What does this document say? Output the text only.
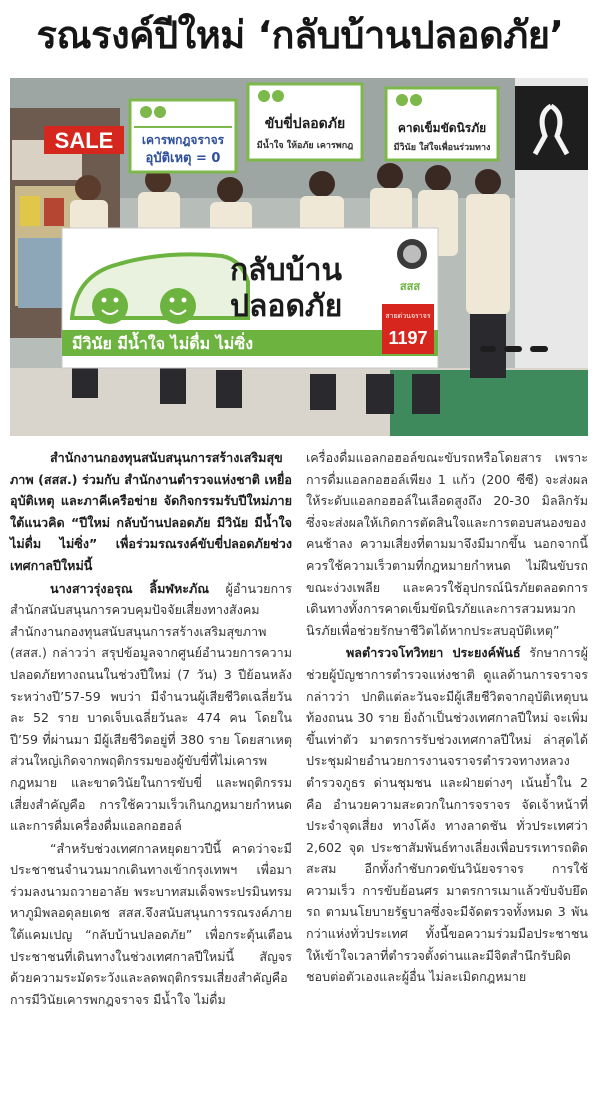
รณรงค์ปีใหม่ ‘กลับบ้านปลอดภัย’
SALE เคารพกฎจราจร
อุบัติเหตุ = 0
ขับขี่ปลอดภัย
มีน้ำใจ ให้อภัย เคารพกฎ
คาดเข็มขัดนิรภัย
มีวินัย ใส่ใจเพื่อนร่วมทาง
กลับบ้าน
ปลอดภัย
สสส
มีวินัย มีน้ำใจ ไม่ดื่ม ไม่ซิ่ง
สายด่วนจราจร
1197

สำนักงานกองทุนสนับสนุนการสร้างเสริมสุขภาพ (สสส.) ร่วมกับ สำนักงานตำรวจแห่งชาติ เหยื่ออุบัติเหตุ และภาคีเครือข่าย จัดกิจกรรมรับปีใหม่ภายใต้แนวคิด “ปีใหม่ กลับบ้านปลอดภัย มีวินัย มีน้ำใจ ไม่ดื่ม ไม่ซิ่ง” เพื่อร่วมรณรงค์ขับขี่ปลอดภัยช่วงเทศกาลปีใหม่นี้

นางสาวรุ่งอรุณ ลิ้มฬหะภัณ ผู้อำนวยการสำนักสนับสนุนการควบคุมปัจจัยเสี่ยงทางสังคม สำนักงานกองทุนสนับสนุนการสร้างเสริมสุขภาพ (สสส.) กล่าวว่า สรุปข้อมูลจากศูนย์อำนวยการความปลอดภัยทางถนนในช่วงปีใหม่ (7 วัน) 3 ปีย้อนหลังระหว่างปี’57-59 พบว่า มีจำนวนผู้เสียชีวิตเฉลี่ยวันละ 52 ราย บาดเจ็บเฉลี่ยวันละ 474 คน โดยในปี’59 ที่ผ่านมา มีผู้เสียชีวิตอยู่ที่ 380 ราย โดยสาเหตุส่วนใหญ่เกิดจากพฤติกรรมของผู้ขับขี่ที่ไม่เคารพกฎหมาย และขาดวินัยในการขับขี่ และพฤติกรรมเสี่ยงสำคัญคือ การใช้ความเร็วเกินกฎหมายกำหนดและการดื่มเครื่องดื่มแอลกอฮอล์

“สำหรับช่วงเทศกาลหยุดยาวปีนี้ คาดว่าจะมีประชาชนจำนวนมากเดินทางเข้ากรุงเทพฯ เพื่อมาร่วมลงนามถวายอาลัย พระบาทสมเด็จพระปรมินทรมหาภูมิพลอดุลยเดช สสส.จึงสนับสนุนการรณรงค์ภายใต้แคมเปญ “กลับบ้านปลอดภัย” เพื่อกระตุ้นเตือนประชาชนที่เดินทางในช่วงเทศกาลปีใหม่นี้ สัญจรด้วยความระมัดระวังและลดพฤติกรรมเสี่ยงสำคัญคือ การมีวินัยเคารพกฎจราจร มีน้ำใจ ไม่ดื่ม

เครื่องดื่มแอลกอฮอล์ขณะขับรถหรือโดยสาร เพราะการดื่มแอลกอฮอล์เพียง 1 แก้ว (200 ซีซี) จะส่งผลให้ระดับแอลกอฮอล์ในเลือดสูงถึง 20-30 มิลลิกรัม ซึ่งจะส่งผลให้เกิดการตัดสินใจและการตอบสนองของคนช้าลง ความเสี่ยงที่ตามมาจึงมีมากขึ้น นอกจากนี้ควรใช้ความเร็วตามที่กฎหมายกำหนด ไม่ฝืนขับรถขณะง่วงเพลีย และควรใช้อุปกรณ์นิรภัยตลอดการเดินทางทั้งการคาดเข็มขัดนิรภัยและการสวมหมวกนิรภัยเพื่อช่วยรักษาชีวิตได้หากประสบอุบัติเหตุ”

พลตำรวจโทวิทยา ประยงค์พันธ์ รักษาการผู้ช่วยผู้บัญชาการตำรวจแห่งชาติ ดูแลด้านการจราจร กล่าวว่า ปกติแต่ละวันจะมีผู้เสียชีวิตจากอุบัติเหตุบนท้องถนน 30 ราย ยิ่งถ้าเป็นช่วงเทศกาลปีใหม่ จะเพิ่มขึ้นเท่าตัว มาตรการรับช่วงเทศกาลปีใหม่ ล่าสุดได้ประชุมฝ่ายอำนวยการงานจราจรตำรวจทางหลวง ตำรวจภูธร ด่านชุมชน และฝ่ายต่างๆ เน้นย้ำใน 2 คือ อำนวยความสะดวกในการจราจร จัดเจ้าหน้าที่ประจำจุดเสี่ยง ทางโค้ง ทางลาดชัน ทั่วประเทศว่า 2,602 จุด ประชาสัมพันธ์ทางเลี่ยงเพื่อบรรเทารถติดสะสม อีกทั้งกำชับกวดขันวินัยจราจร การใช้ความเร็ว การขับย้อนศร มาตรการเมาแล้วขับจับยึดรถ ตามนโยบายรัฐบาลซึ่งจะมีจัดตรวจทั้งหมด 3 พันกว่าแห่งทั่วประเทศ ทั้งนี้ขอความร่วมมือประชาชนให้เข้าใจเวลาที่ตำรวจตั้งด่านและมีจิตสำนึกรับผิดชอบต่อตัวเองและผู้อื่น ไม่ละเมิดกฎหมาย
